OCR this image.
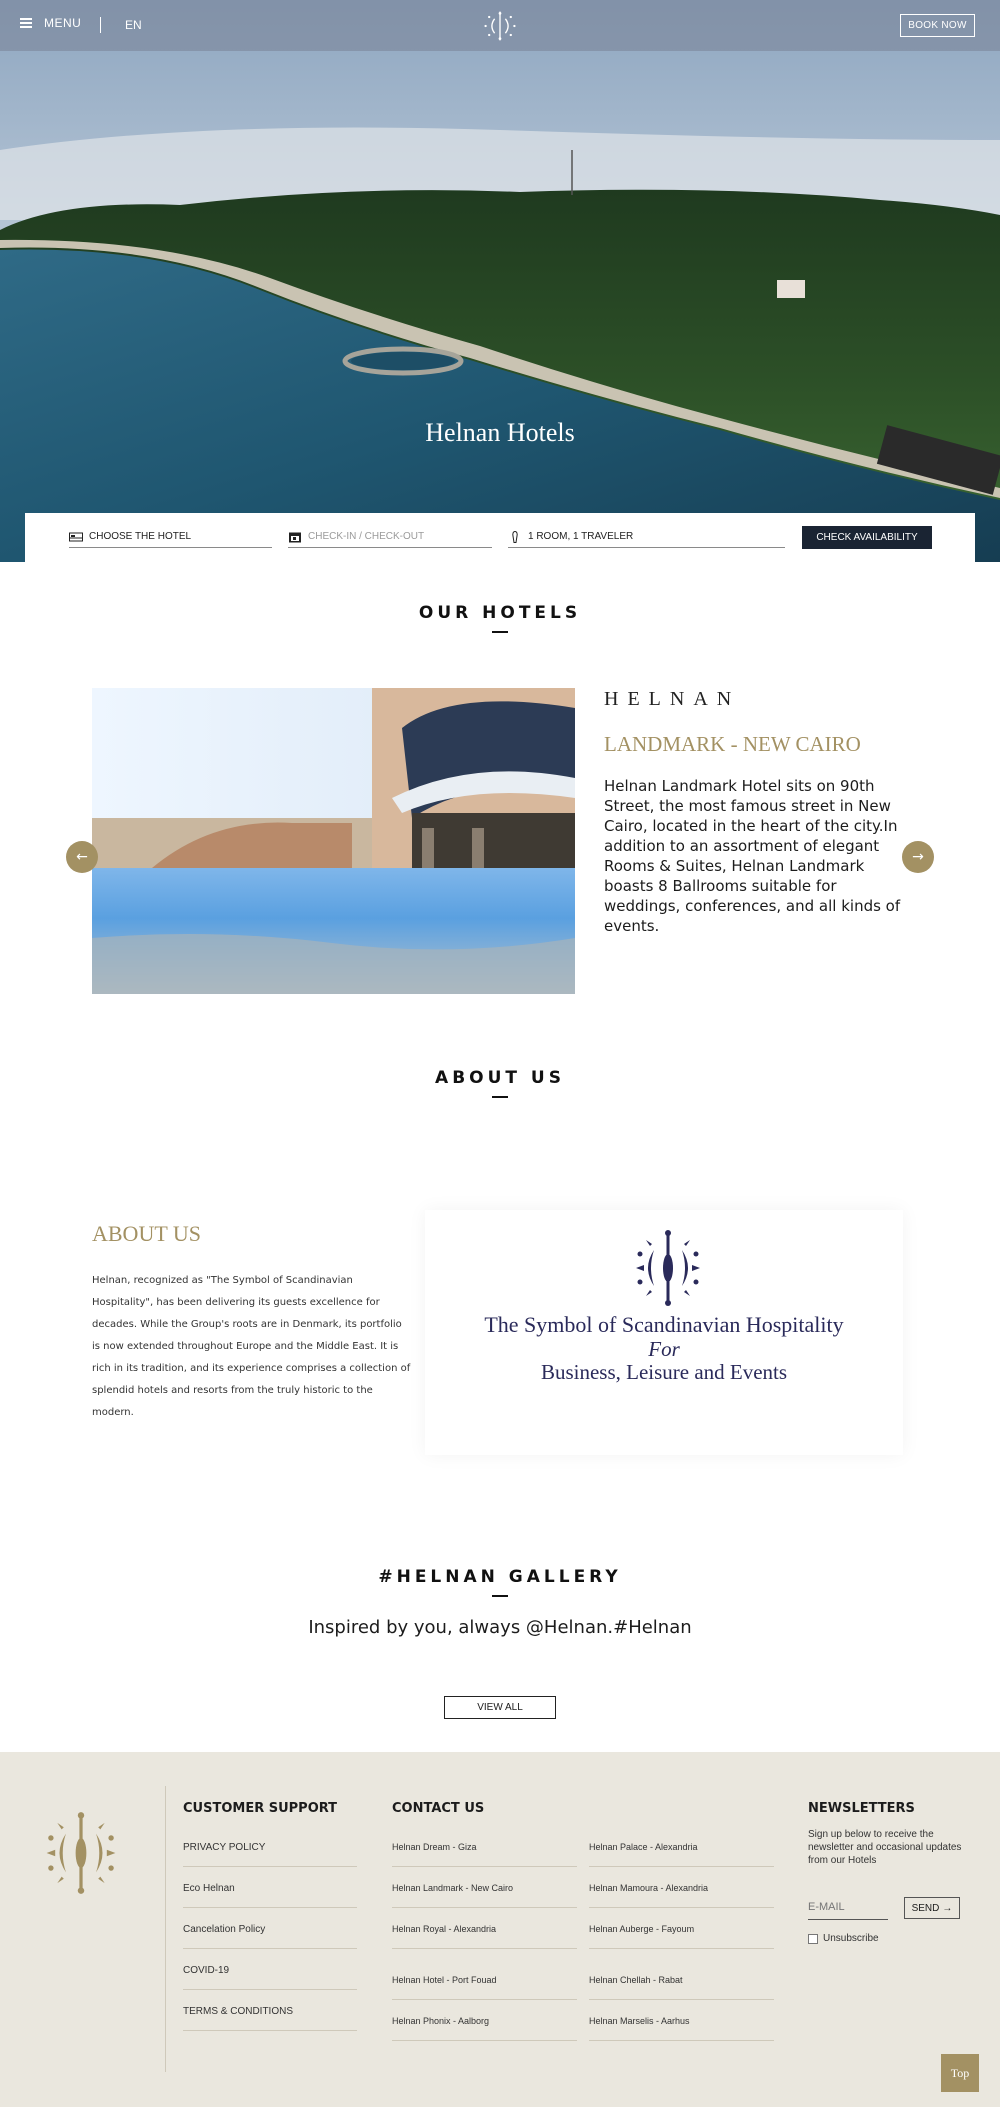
MENU	EN	BOOK NOW
Helnan Hotels
CHOOSE THE HOTEL	CHECK-IN / CHECK-OUT	1 ROOM, 1 TRAVELER	CHECK AVAILABILITY
OUR HOTELS
←	→
HELNAN
LANDMARK - NEW CAIRO
Helnan Landmark Hotel sits on 90th Street, the most famous street in New Cairo, located in the heart of the city.In addition to an assortment of elegant Rooms & Suites, Helnan Landmark boasts 8 Ballrooms suitable for weddings, conferences, and all kinds of events.
ABOUT US
ABOUT US
Helnan, recognized as "The Symbol of Scandinavian Hospitality", has been delivering its guests excellence for decades. While the Group's roots are in Denmark, its portfolio is now extended throughout Europe and the Middle East. It is rich in its tradition, and its experience comprises a collection of splendid hotels and resorts from the truly historic to the modern.
The Symbol of Scandinavian Hospitality
For
Business, Leisure and Events
#HELNAN GALLERY
Inspired by you, always @Helnan.#Helnan
VIEW ALL
CUSTOMER SUPPORT
PRIVACY POLICY
Eco Helnan
Cancelation Policy
COVID-19
TERMS & CONDITIONS
CONTACT US
Helnan Dream - Giza
Helnan Landmark - New Cairo
Helnan Royal - Alexandria
Helnan Hotel - Port Fouad
Helnan Phonix - Aalborg
Helnan Palace - Alexandria
Helnan Mamoura - Alexandria
Helnan Auberge - Fayoum
Helnan Chellah - Rabat
Helnan Marselis - Aarhus
NEWSLETTERS
Sign up below to receive the newsletter and occasional updates from our Hotels
E-MAIL
SEND →
Unsubscribe
Top
